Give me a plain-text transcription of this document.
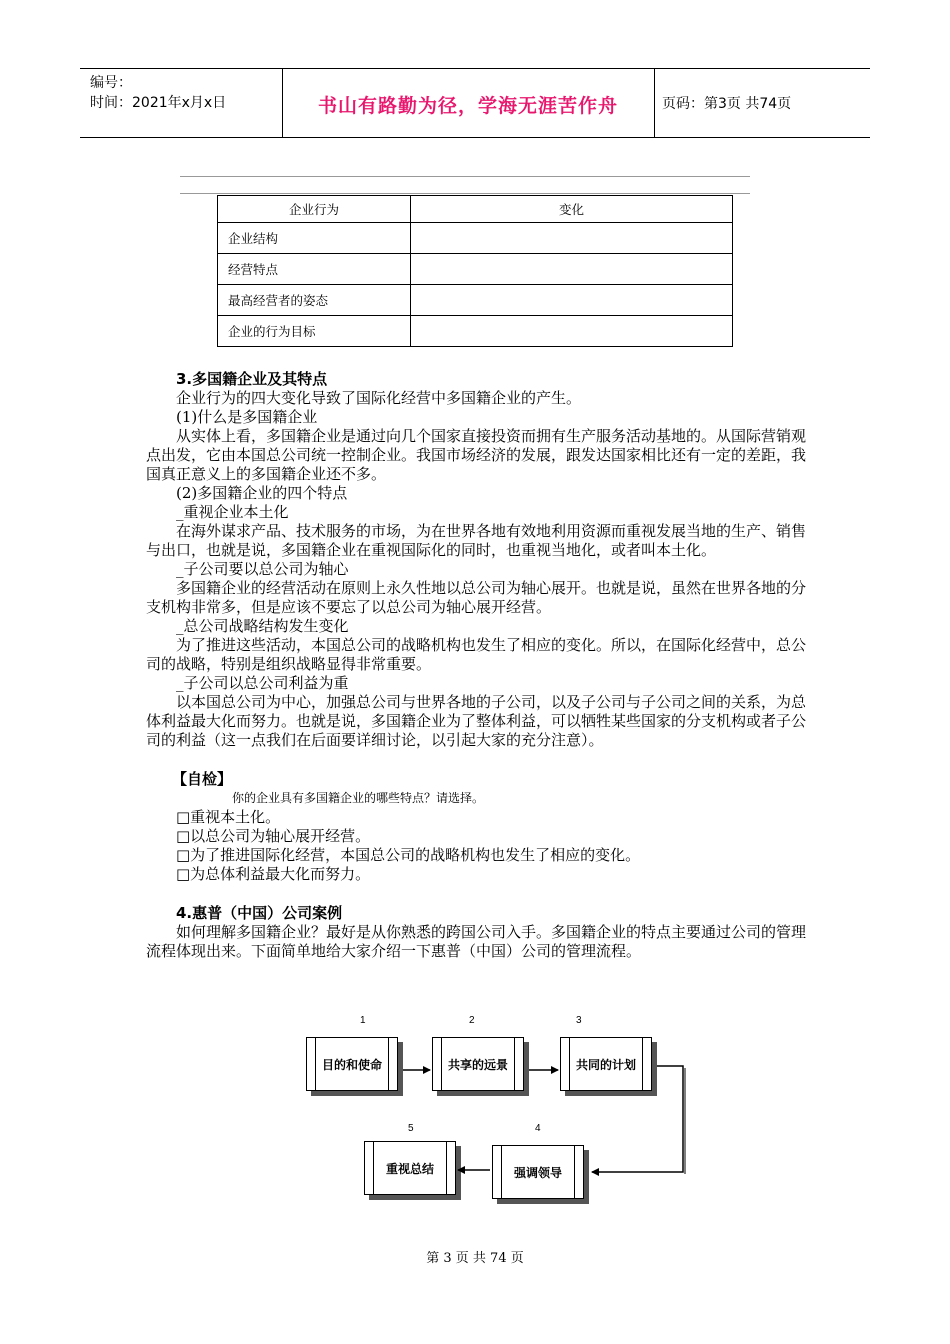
编号：
时间：2021年x月x日	书山有路勤为径，学海无涯苦作舟	页码：第3页 共74页
企业行为	变化
企业结构	
经营特点	
最高经营者的姿态	
企业的行为目标	

3.多国籍企业及其特点

企业行为的四大变化导致了国际化经营中多国籍企业的产生。

(1)什么是多国籍企业

从实体上看，多国籍企业是通过向几个国家直接投资而拥有生产服务活动基地的。从国际营销观点出发，它由本国总公司统一控制企业。我国市场经济的发展，跟发达国家相比还有一定的差距，我国真正意义上的多国籍企业还不多。

(2)多国籍企业的四个特点

_重视企业本土化

在海外谋求产品、技术服务的市场，为在世界各地有效地利用资源而重视发展当地的生产、销售与出口，也就是说，多国籍企业在重视国际化的同时，也重视当地化，或者叫本土化。

_子公司要以总公司为轴心

多国籍企业的经营活动在原则上永久性地以总公司为轴心展开。也就是说，虽然在世界各地的分支机构非常多，但是应该不要忘了以总公司为轴心展开经营。

_总公司战略结构发生变化

为了推进这些活动，本国总公司的战略机构也发生了相应的变化。所以，在国际化经营中，总公司的战略，特别是组织战略显得非常重要。

_子公司以总公司利益为重

以本国总公司为中心，加强总公司与世界各地的子公司，以及子公司与子公司之间的关系，为总体利益最大化而努力。也就是说，多国籍企业为了整体利益，可以牺牲某些国家的分支机构或者子公司的利益（这一点我们在后面要详细讨论，以引起大家的充分注意）。

【自检】

你的企业具有多国籍企业的哪些特点？请选择。

□重视本土化。

□以总公司为轴心展开经营。

□为了推进国际化经营，本国总公司的战略机构也发生了相应的变化。

□为总体利益最大化而努力。

4.惠普（中国）公司案例

如何理解多国籍企业？最好是从你熟悉的跨国公司入手。多国籍企业的特点主要通过公司的管理流程体现出来。下面简单地给大家介绍一下惠普（中国）公司的管理流程。

1	2	3
4
5
目的和使命	共享的远景	共同的计划
强调领导
重视总结
第 3 页 共 74 页
